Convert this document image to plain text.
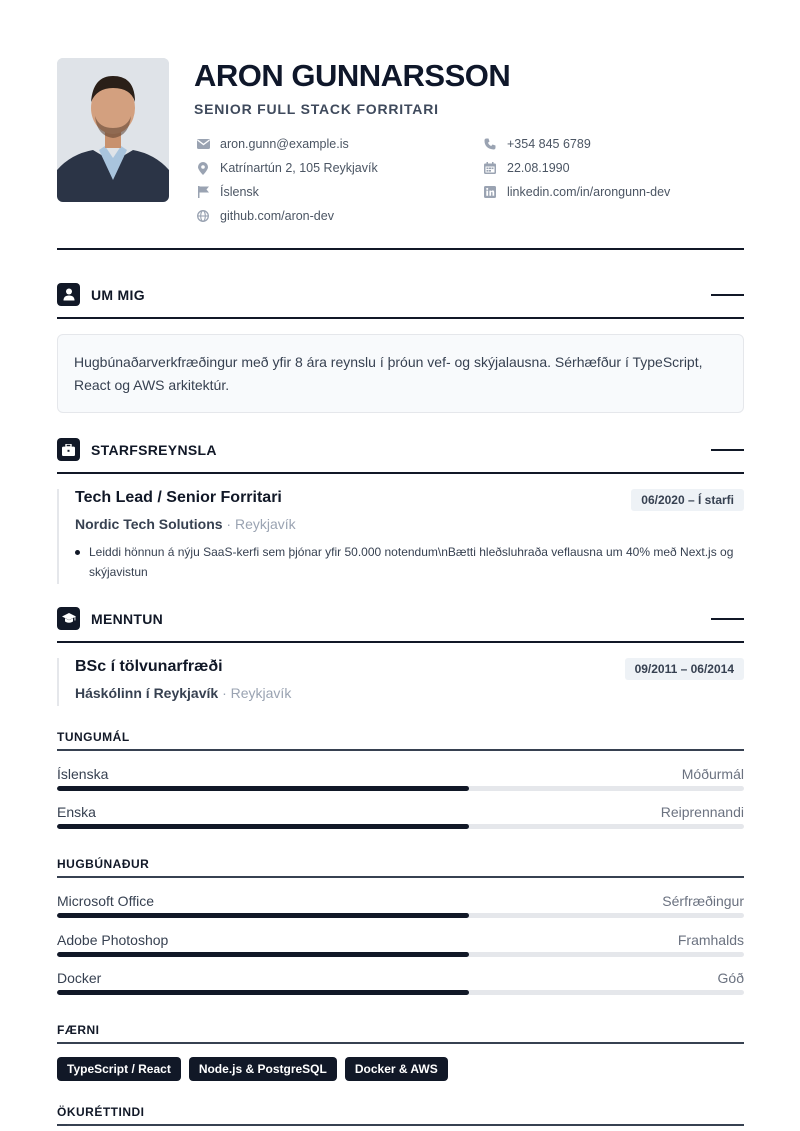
ARON GUNNARSSON
SENIOR FULL STACK FORRITARI
aron.gunn@example.is
Katrínartún 2, 105 Reykjavík
Íslensk
github.com/aron-dev
+354 845 6789
22.08.1990
linkedin.com/in/arongunn-dev
UM MIG
Hugbúnaðarverkfræðingur með yfir 8 ára reynslu í þróun vef- og skýjalausna. Sérhæfður í TypeScript, React og AWS arkitektúr.
STARFSREYNSLA
Tech Lead / Senior Forritari
Nordic Tech Solutions · Reykjavík
06/2020 – Í starfi
Leiddi hönnun á nýju SaaS-kerfi sem þjónar yfir 50.000 notendum\nBætti hleðsluhraða veflausna um 40% með Next.js og skýjavistun
MENNTUN
BSc í tölvunarfræði
Háskólinn í Reykjavík · Reykjavík
09/2011 – 06/2014
TUNGUMÁL
Íslenska	Móðurmál
Enska	Reiprennandi
HUGBÚNAÐUR
Microsoft Office	Sérfræðingur
Adobe Photoshop	Framhalds
Docker	Góð
FÆRNI
TypeScript / React	Node.js & PostgreSQL	Docker & AWS
ÖKURÉTTINDI
